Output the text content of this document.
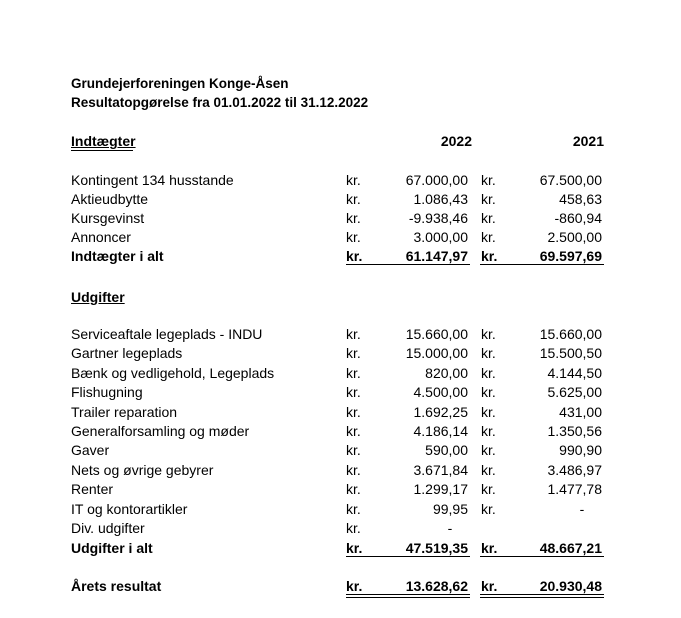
Grundejerforeningen Konge-Åsen
Resultatopgørelse fra 01.01.2022 til 31.12.2022
Indtægter	2022	2021
Kontingent 134 husstande	kr.	67.000,00 kr.	67.500,00
Aktieudbytte	kr.	1.086,43 kr.	458,63
Kursgevinst	kr.	-9.938,46 kr.	-860,94
Annoncer	kr.	3.000,00 kr.	2.500,00
Indtægter i alt	kr.	61.147,97 kr.	69.597,69
Serviceaftale legeplads - INDU	kr.	15.660,00 kr.	15.660,00
Gartner legeplads	kr.	15.000,00 kr.	15.500,50
Bænk og vedligehold, Legeplads	kr.	820,00 kr.	4.144,50
Flishugning	kr.	4.500,00 kr.	5.625,00
Trailer reparation	kr.	1.692,25 kr.	431,00
Generalforsamling og møder	kr.	4.186,14 kr.	1.350,56
Gaver	kr.	590,00 kr.	990,90
Nets og øvrige gebyrer	kr.	3.671,84 kr.	3.486,97
Renter	kr.	1.299,17 kr.	1.477,78
IT og kontorartikler	kr.	99,95 kr.	-
Div. udgifter	kr.	-
Udgifter i alt	kr.	47.519,35 kr.	48.667,21
Årets resultat	kr.	13.628,62 kr.	20.930,48
Udgifter
